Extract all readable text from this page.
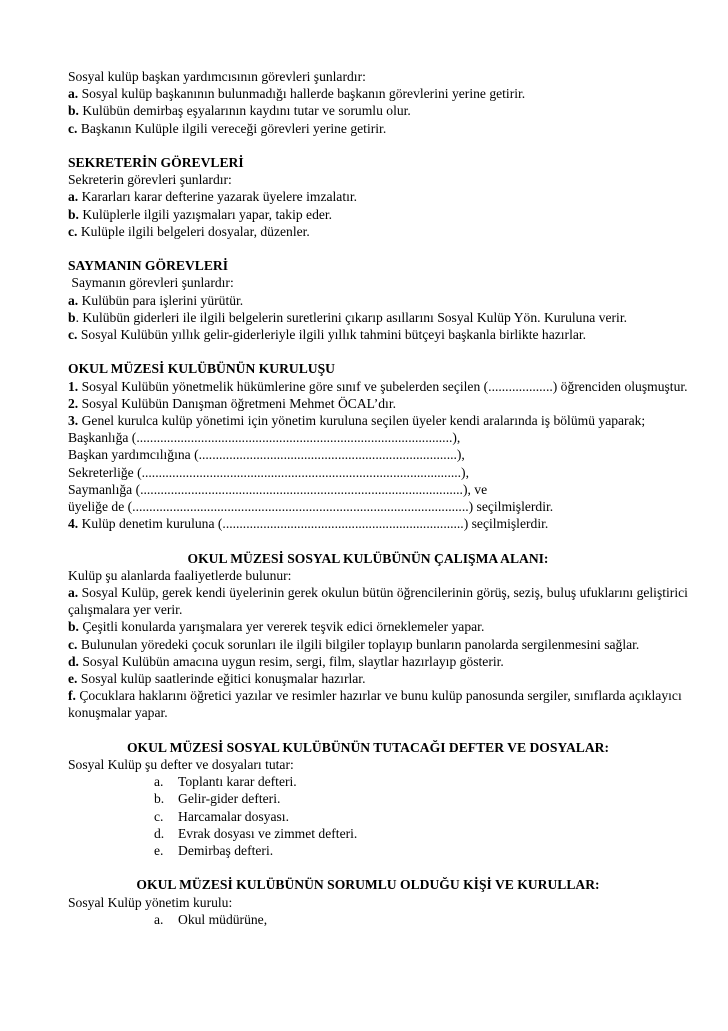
Sosyal kulüp başkan yardımcısının görevleri şunlardır:
a. Sosyal kulüp başkanının bulunmadığı hallerde başkanın görevlerini yerine getirir.
b. Kulübün demirbaş eşyalarının kaydını tutar ve sorumlu olur.
c. Başkanın Kulüple ilgili vereceği görevleri yerine getirir.
SEKRETERİN GÖREVLERİ
Sekreterin görevleri şunlardır:
a. Kararları karar defterine yazarak üyelere imzalatır.
b. Kulüplerle ilgili yazışmaları yapar, takip eder.
c. Kulüple ilgili belgeleri dosyalar, düzenler.
SAYMANIN GÖREVLERİ
Saymanın görevleri şunlardır:
a. Kulübün para işlerini yürütür.
b. Kulübün giderleri ile ilgili belgelerin suretlerini çıkarıp asıllarını Sosyal Kulüp Yön. Kuruluna verir.
c. Sosyal Kulübün yıllık gelir-giderleriyle ilgili yıllık tahmini bütçeyi başkanla birlikte hazırlar.
OKUL MÜZESİ KULÜBÜNÜN KURULUŞU
1. Sosyal Kulübün yönetmelik hükümlerine göre sınıf ve şubelerden seçilen (...................) öğrenciden oluşmuştur.
2. Sosyal Kulübün Danışman öğretmeni Mehmet ÖCAL’dır.
3. Genel kurulca kulüp yönetimi için yönetim kuruluna seçilen üyeler kendi aralarında iş bölümü yaparak;
Başkanlığa (.............................................................................................),
Başkan yardımcılığına (............................................................................),
Sekreterliğe (..............................................................................................),
Saymanlığa (...............................................................................................), ve
üyeliğe de (...................................................................................................) seçilmişlerdir.
4. Kulüp denetim kuruluna (.......................................................................) seçilmişlerdir.
OKUL MÜZESİ SOSYAL KULÜBÜNÜN ÇALIŞMA ALANI:
Kulüp şu alanlarda faaliyetlerde bulunur:
a. Sosyal Kulüp, gerek kendi üyelerinin gerek okulun bütün öğrencilerinin görüş, seziş, buluş ufuklarını geliştirici çalışmalara yer verir.
b. Çeşitli konularda yarışmalara yer vererek teşvik edici örneklemeler yapar.
c. Bulunulan yöredeki çocuk sorunları ile ilgili bilgiler toplayıp bunların panolarda sergilenmesini sağlar.
d. Sosyal Kulübün amacına uygun resim, sergi, film, slaytlar hazırlayıp gösterir.
e. Sosyal kulüp saatlerinde eğitici konuşmalar hazırlar.
f. Çocuklara haklarını öğretici yazılar ve resimler hazırlar ve bunu kulüp panosunda sergiler, sınıflarda açıklayıcı konuşmalar yapar.
OKUL MÜZESİ SOSYAL KULÜBÜNÜN TUTACAĞI DEFTER VE DOSYALAR:
Sosyal Kulüp şu defter ve dosyaları tutar:
a. Toplantı karar defteri.
b. Gelir-gider defteri.
c. Harcamalar dosyası.
d. Evrak dosyası ve zimmet defteri.
e. Demirbaş defteri.
OKUL MÜZESİ KULÜBÜNÜN SORUMLU OLDUĞU KİŞİ VE KURULLAR:
Sosyal Kulüp yönetim kurulu:
a. Okul müdürüne,
